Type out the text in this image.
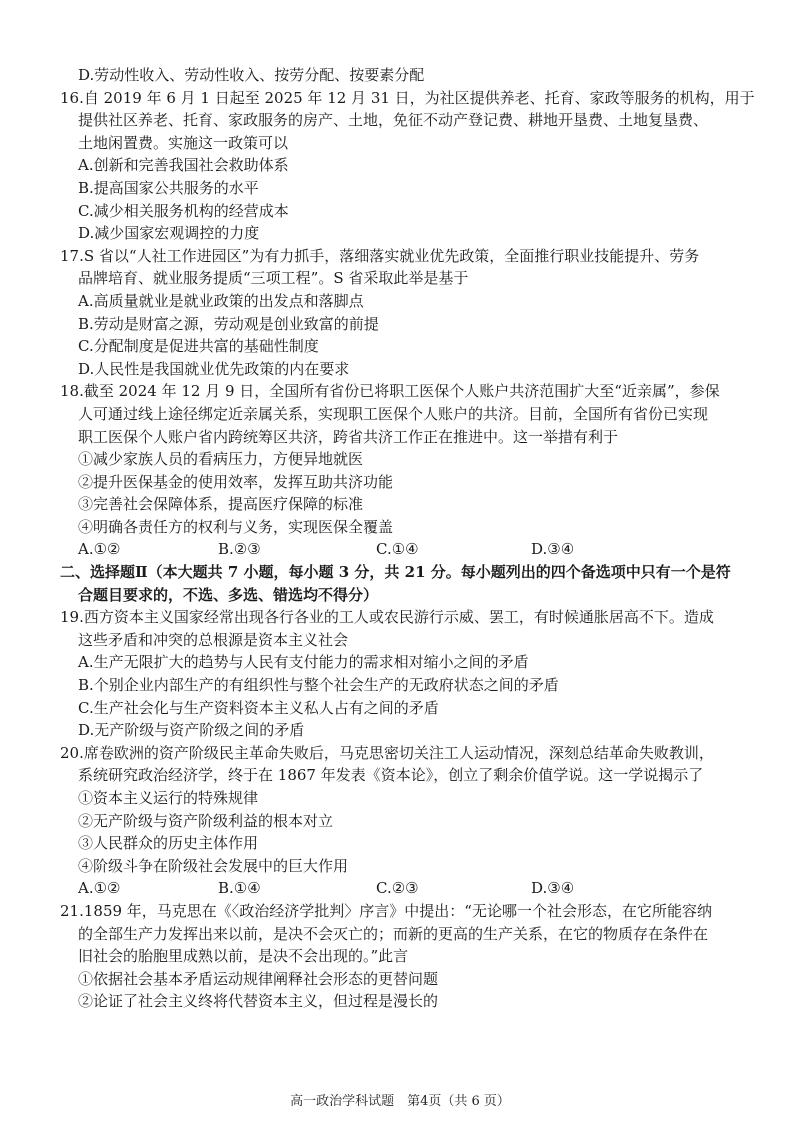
D.劳动性收入、劳动性收入、按劳分配、按要素分配
16.自 2019 年 6 月 1 日起至 2025 年 12 月 31 日，为社区提供养老、托育、家政等服务的机构，用于
提供社区养老、托育、家政服务的房产、土地，免征不动产登记费、耕地开垦费、土地复垦费、
土地闲置费。实施这一政策可以
A.创新和完善我国社会救助体系
B.提高国家公共服务的水平
C.减少相关服务机构的经营成本
D.减少国家宏观调控的力度
17.S 省以“人社工作进园区”为有力抓手，落细落实就业优先政策，全面推行职业技能提升、劳务
品牌培育、就业服务提质“三项工程”。S 省采取此举是基于
A.高质量就业是就业政策的出发点和落脚点
B.劳动是财富之源，劳动观是创业致富的前提
C.分配制度是促进共富的基础性制度
D.人民性是我国就业优先政策的内在要求
18.截至 2024 年 12 月 9 日，全国所有省份已将职工医保个人账户共济范围扩大至“近亲属”，参保
人可通过线上途径绑定近亲属关系，实现职工医保个人账户的共济。目前，全国所有省份已实现
职工医保个人账户省内跨统筹区共济，跨省共济工作正在推进中。这一举措有利于
①减少家族人员的看病压力，方便异地就医
②提升医保基金的使用效率，发挥互助共济功能
③完善社会保障体系，提高医疗保障的标准
④明确各责任方的权利与义务，实现医保全覆盖
A.①②	B.②③	C.①④	D.③④
二、选择题Ⅱ（本大题共 7 小题，每小题 3 分，共 21 分。每小题列出的四个备选项中只有一个是符
合题目要求的，不选、多选、错选均不得分）
19.西方资本主义国家经常出现各行各业的工人或农民游行示威、罢工，有时候通胀居高不下。造成
这些矛盾和冲突的总根源是资本主义社会
A.生产无限扩大的趋势与人民有支付能力的需求相对缩小之间的矛盾
B.个别企业内部生产的有组织性与整个社会生产的无政府状态之间的矛盾
C.生产社会化与生产资料资本主义私人占有之间的矛盾
D.无产阶级与资产阶级之间的矛盾
20.席卷欧洲的资产阶级民主革命失败后，马克思密切关注工人运动情况，深刻总结革命失败教训，
系统研究政治经济学，终于在 1867 年发表《资本论》，创立了剩余价值学说。这一学说揭示了
①资本主义运行的特殊规律
②无产阶级与资产阶级利益的根本对立
③人民群众的历史主体作用
④阶级斗争在阶级社会发展中的巨大作用
A.①②	B.①④	C.②③	D.③④
21.1859 年，马克思在《〈政治经济学批判〉序言》中提出：“无论哪一个社会形态，在它所能容纳
的全部生产力发挥出来以前，是决不会灭亡的；而新的更高的生产关系，在它的物质存在条件在
旧社会的胎胞里成熟以前，是决不会出现的。”此言
①依据社会基本矛盾运动规律阐释社会形态的更替问题
②论证了社会主义终将代替资本主义，但过程是漫长的
高一政治学科试题　第4页（共 6 页）
